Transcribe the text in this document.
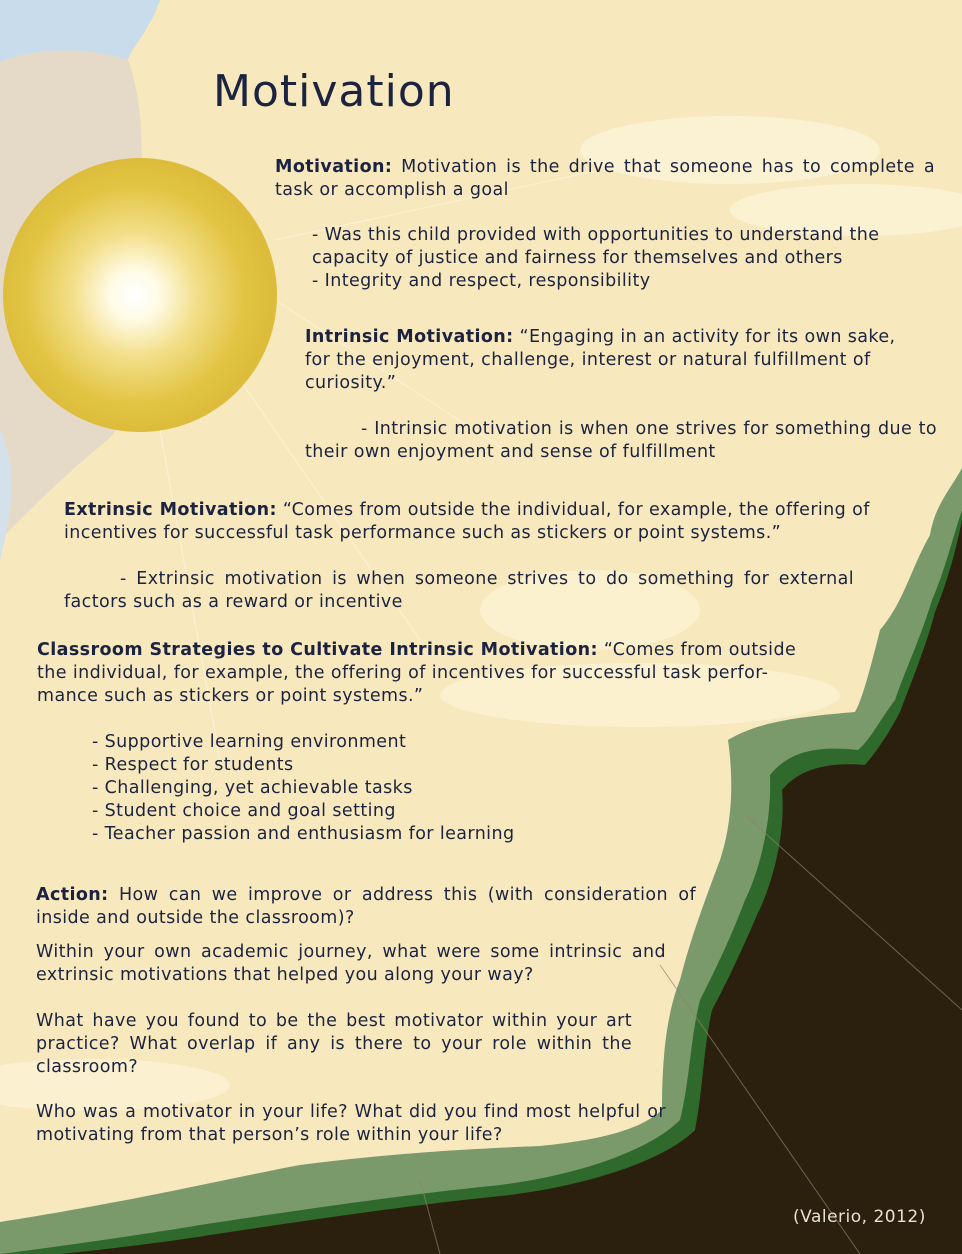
Motivation

Motivation: Motivation is the drive that someone has to complete a task or accomplish a goal

- Was this child provided with opportunities to understand the capacity of justice and fairness for themselves and others

- Integrity and respect, responsibility

Intrinsic Motivation: “Engaging in an activity for its own sake, for the enjoyment, challenge, interest or natural fulfillment of curiosity.”

- Intrinsic motivation is when one strives for something due to their own enjoyment and sense of fulfillment

Extrinsic Motivation: “Comes from outside the individual, for example, the offering of incentives for successful task performance such as stickers or point systems.”

- Extrinsic motivation is when someone strives to do something for external factors such as a reward or incentive

Classroom Strategies to Cultivate Intrinsic Motivation: “Comes from outside the individual, for example, the offering of incentives for successful task perfor-mance such as stickers or point systems.”

- Supportive learning environment
- Respect for students
- Challenging, yet achievable tasks
- Student choice and goal setting
- Teacher passion and enthusiasm for learning

Action: How can we improve or address this (with consideration of inside and outside the classroom)?

Within your own academic journey, what were some intrinsic and extrinsic motivations that helped you along your way?

What have you found to be the best motivator within your art practice? What overlap if any is there to your role within the classroom?

Who was a motivator in your life? What did you find most helpful or motivating from that person’s role within your life?

(Valerio, 2012)
